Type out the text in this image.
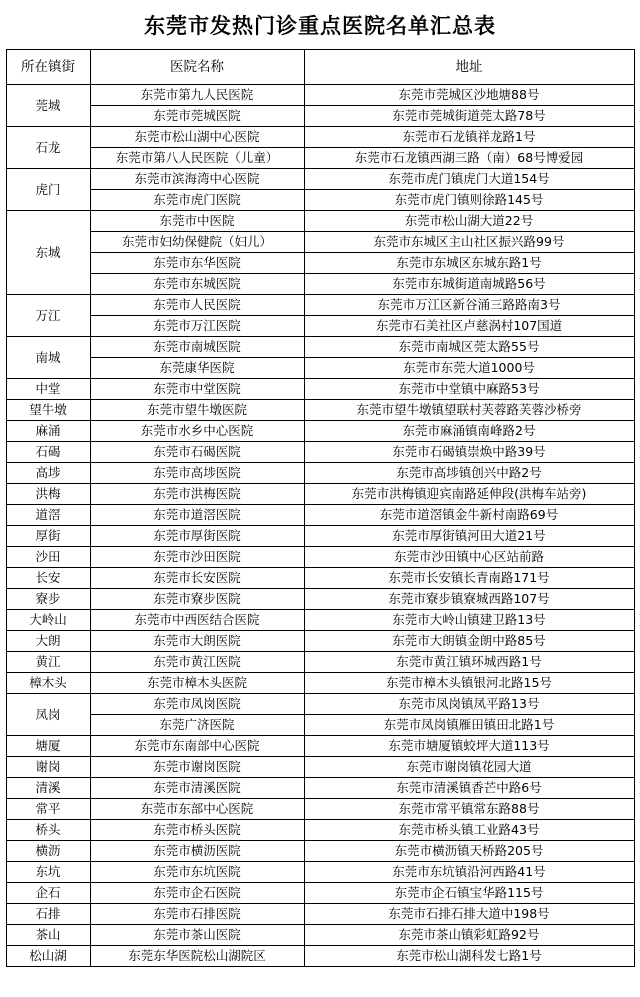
东莞市发热门诊重点医院名单汇总表
所在镇街	医院名称	地址
莞城	东莞市第九人民医院	东莞市莞城区沙地塘88号
	东莞市莞城医院	东莞市莞城街道莞太路78号
石龙	东莞市松山湖中心医院	东莞市石龙镇祥龙路1号
	东莞市第八人民医院（儿童）	东莞市石龙镇西湖三路（南）68号博爱园
虎门	东莞市滨海湾中心医院	东莞市虎门镇虎门大道154号
	东莞市虎门医院	东莞市虎门镇则徐路145号
东城	东莞市中医院	东莞市松山湖大道22号
	东莞市妇幼保健院（妇儿）	东莞市东城区主山社区振兴路99号
	东莞市东华医院	东莞市东城区东城东路1号
	东莞市东城医院	东莞市东城街道南城路56号
万江	东莞市人民医院	东莞市万江区新谷涌三路路南3号
	东莞市万江医院	东莞市石美社区卢慈涡村107国道
南城	东莞市南城医院	东莞市南城区莞太路55号
	东莞康华医院	东莞市东莞大道1000号
中堂	东莞市中堂医院	东莞市中堂镇中麻路53号
望牛墩	东莞市望牛墩医院	东莞市望牛墩镇望联村芙蓉路芙蓉沙桥旁
麻涌	东莞市水乡中心医院	东莞市麻涌镇南峰路2号
石碣	东莞市石碣医院	东莞市石碣镇崇焕中路39号
高埗	东莞市高埗医院	东莞市高埗镇创兴中路2号
洪梅	东莞市洪梅医院	东莞市洪梅镇迎宾南路延伸段(洪梅车站旁)
道滘	东莞市道滘医院	东莞市道滘镇金牛新村南路69号
厚街	东莞市厚街医院	东莞市厚街镇河田大道21号
沙田	东莞市沙田医院	东莞市沙田镇中心区站前路
长安	东莞市长安医院	东莞市长安镇长青南路171号
寮步	东莞市寮步医院	东莞市寮步镇寮城西路107号
大岭山	东莞市中西医结合医院	东莞市大岭山镇建卫路13号
大朗	东莞市大朗医院	东莞市大朗镇金朗中路85号
黄江	东莞市黄江医院	东莞市黄江镇环城西路1号
樟木头	东莞市樟木头医院	东莞市樟木头镇银河北路15号
凤岗	东莞市凤岗医院	东莞市凤岗镇凤平路13号
	东莞广济医院	东莞市凤岗镇雁田镇田北路1号
塘厦	东莞市东南部中心医院	东莞市塘厦镇蛟坪大道113号
谢岗	东莞市谢岗医院	东莞市谢岗镇花园大道
清溪	东莞市清溪医院	东莞市清溪镇香芒中路6号
常平	东莞市东部中心医院	东莞市常平镇常东路88号
桥头	东莞市桥头医院	东莞市桥头镇工业路43号
横沥	东莞市横沥医院	东莞市横沥镇天桥路205号
东坑	东莞市东坑医院	东莞市东坑镇沿河西路41号
企石	东莞市企石医院	东莞市企石镇宝华路115号
石排	东莞市石排医院	东莞市石排石排大道中198号
茶山	东莞市茶山医院	东莞市茶山镇彩虹路92号
松山湖	东莞东华医院松山湖院区	东莞市松山湖科发七路1号
